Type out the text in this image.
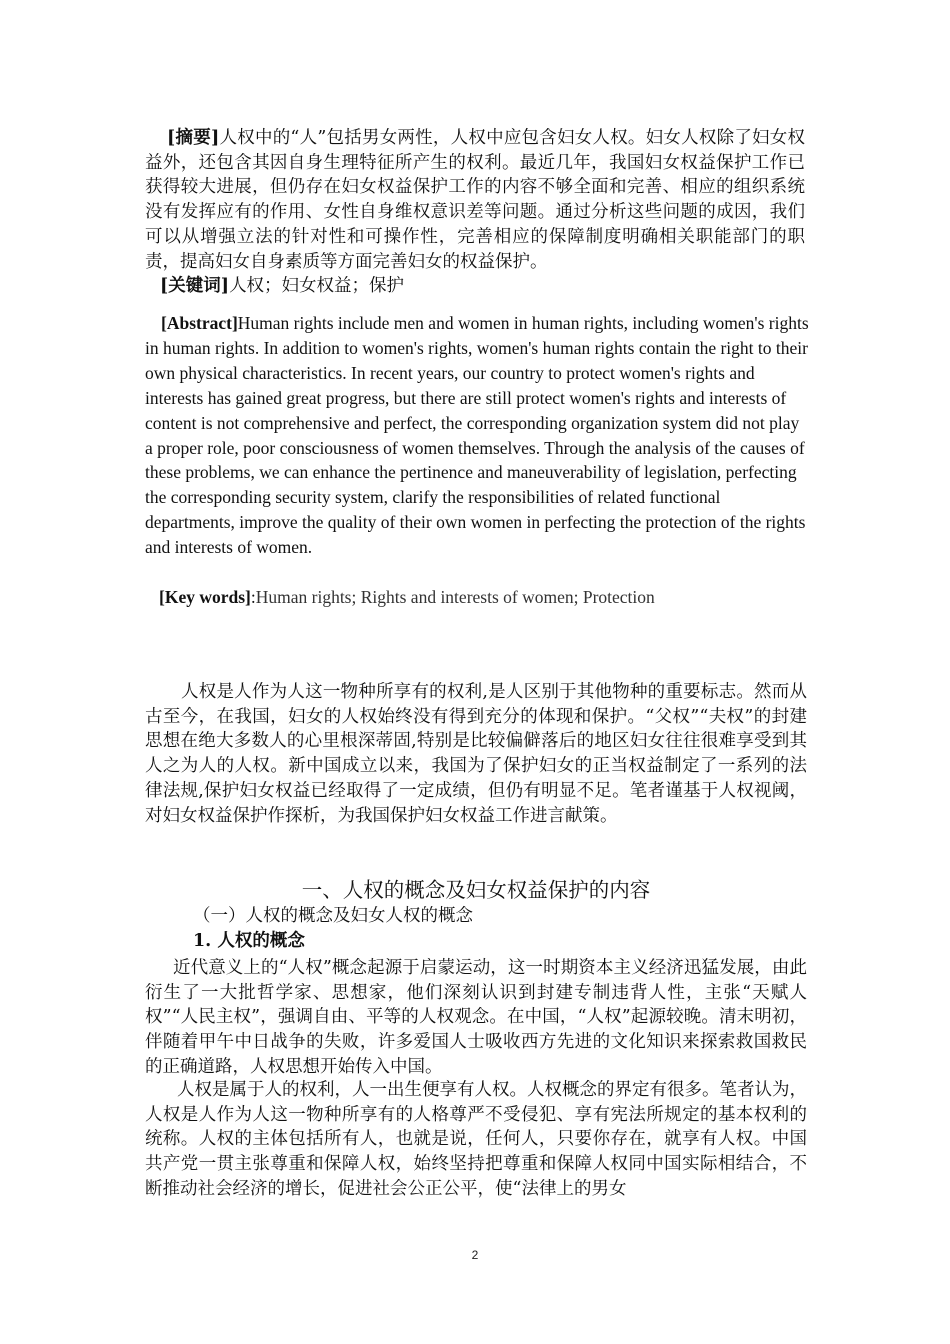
[摘要]人权中的“人”包括男女两性，人权中应包含妇女人权。妇女人权除了妇女权益外，还包含其因自身生理特征所产生的权利。最近几年，我国妇女权益保护工作已获得较大进展，但仍存在妇女权益保护工作的内容不够全面和完善、相应的组织系统没有发挥应有的作用、女性自身维权意识差等问题。通过分析这些问题的成因，我们可以从增强立法的针对性和可操作性，完善相应的保障制度明确相关职能部门的职责，提高妇女自身素质等方面完善妇女的权益保护。

[关键词]人权；妇女权益；保护

[Abstract]Human rights include men and women in human rights, including women's rights in human rights. In addition to women's rights, women's human rights contain the right to their own physical characteristics. In recent years, our country to protect women's rights and interests has gained great progress, but there are still protect women's rights and interests of content is not comprehensive and perfect, the corresponding organization system did not play a proper role, poor consciousness of women themselves. Through the analysis of the causes of these problems, we can enhance the pertinence and maneuverability of legislation, perfecting the corresponding security system, clarify the responsibilities of related functional departments, improve the quality of their own women in perfecting the protection of the rights and interests of women.

[Key words]:Human rights; Rights and interests of women; Protection

人权是人作为人这一物种所享有的权利,是人区别于其他物种的重要标志。然而从古至今，在我国，妇女的人权始终没有得到充分的体现和保护。“父权”“夫权”的封建思想在绝大多数人的心里根深蒂固,特别是比较偏僻落后的地区妇女往往很难享受到其人之为人的人权。新中国成立以来，我国为了保护妇女的正当权益制定了一系列的法律法规,保护妇女权益已经取得了一定成绩，但仍有明显不足。笔者谨基于人权视阈，对妇女权益保护作探析，为我国保护妇女权益工作进言献策。

一、人权的概念及妇女权益保护的内容
（一）人权的概念及妇女人权的概念
1. 人权的概念

近代意义上的“人权”概念起源于启蒙运动，这一时期资本主义经济迅猛发展，由此衍生了一大批哲学家、思想家，他们深刻认识到封建专制违背人性，主张“天赋人权”“人民主权”，强调自由、平等的人权观念。在中国，“人权”起源较晚。清末明初，伴随着甲午中日战争的失败，许多爱国人士吸收西方先进的文化知识来探索救国救民的正确道路，人权思想开始传入中国。

人权是属于人的权利，人一出生便享有人权。人权概念的界定有很多。笔者认为，人权是人作为人这一物种所享有的人格尊严不受侵犯、享有宪法所规定的基本权利的统称。人权的主体包括所有人，也就是说，任何人，只要你存在，就享有人权。中国共产党一贯主张尊重和保障人权，始终坚持把尊重和保障人权同中国实际相结合，不断推动社会经济的增长，促进社会公正公平，使“法律上的男女

2
